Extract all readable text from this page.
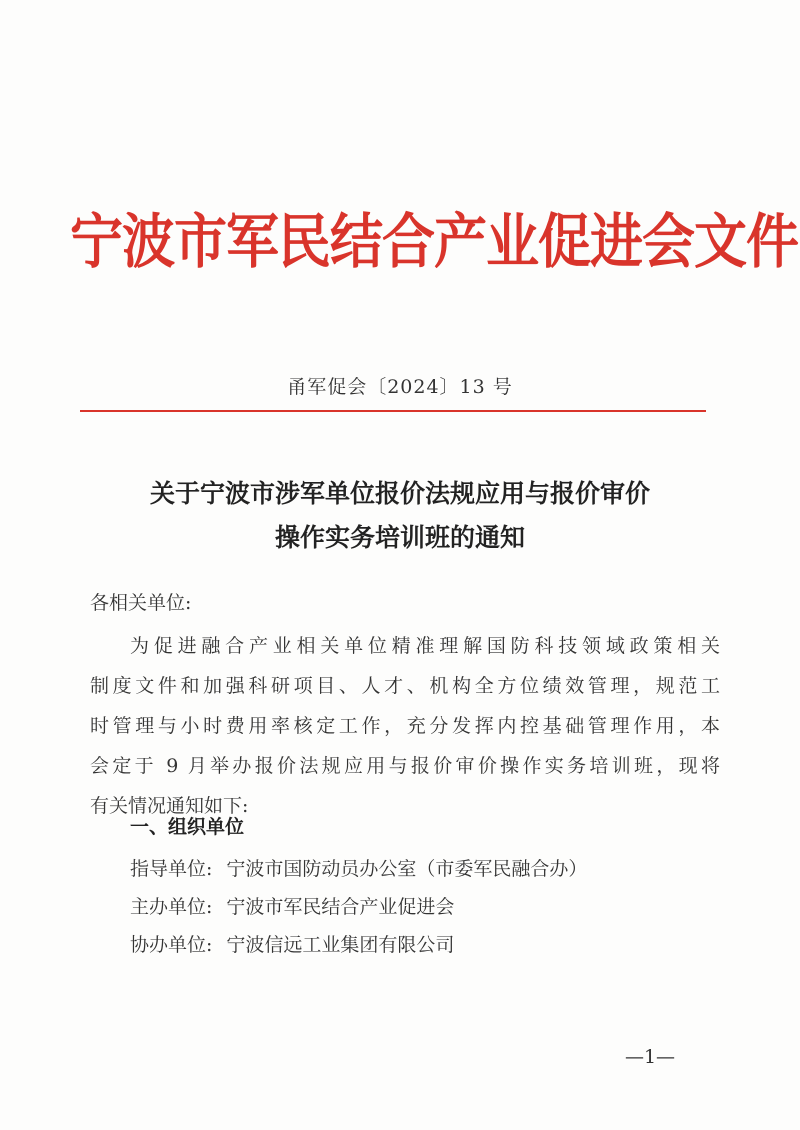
宁波市军民结合产业促进会文件
甬军促会〔2024〕13 号
关于宁波市涉军单位报价法规应用与报价审价
操作实务培训班的通知
各相关单位:
为促进融合产业相关单位精准理解国防科技领域政策相关
制度文件和加强科研项目、人才、机构全方位绩效管理，规范工
时管理与小时费用率核定工作，充分发挥内控基础管理作用，本
会定于 9 月举办报价法规应用与报价审价操作实务培训班，现将
有关情况通知如下:
一、组织单位
指导单位: 宁波市国防动员办公室（市委军民融合办）
主办单位: 宁波市军民结合产业促进会
协办单位: 宁波信远工业集团有限公司
—1—
